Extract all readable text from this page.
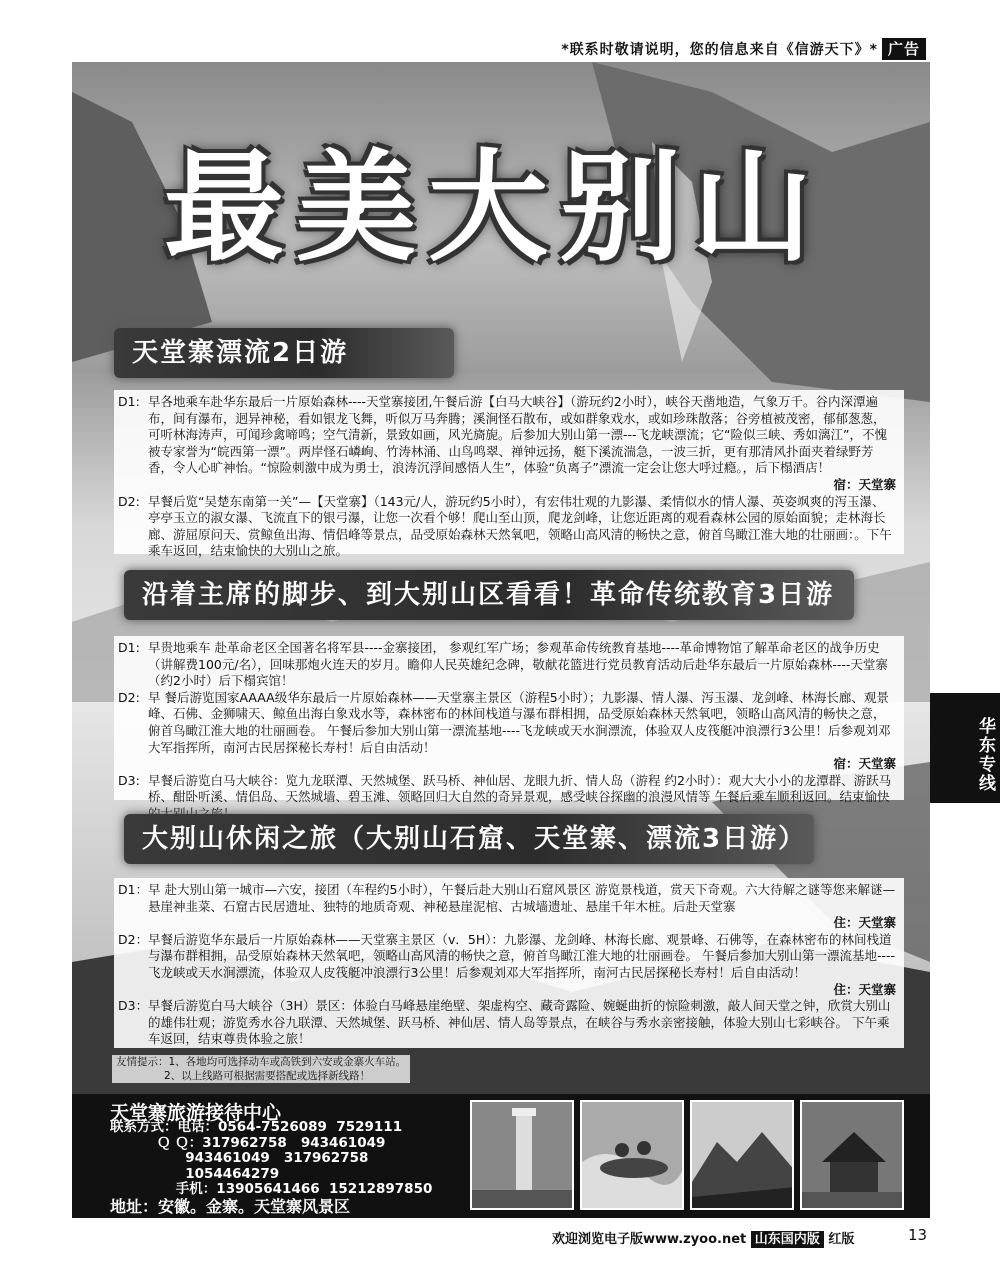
*联系时敬请说明，您的信息来自《信游天下》* 广告
最美大别山
天堂寨漂流2日游
D1: 早各地乘车赴华东最后一片原始森林----天堂寨接团,午餐后游【白马大峡谷】（游玩约2小时），峡谷天凿地造，气象万千。谷内深潭遍布，间有瀑布，迥异神秘，看如银龙飞舞，听似万马奔腾；溪涧怪石散布，或如群象戏水，或如珍珠散落；谷旁植被茂密，郁郁葱葱，可听林海涛声，可闻珍禽啼鸣；空气清新，景致如画，风光旖旎。后参加大别山第一漂---飞龙峡漂流；它“险似三峡、秀如漓江”，不愧被专家誉为“皖西第一漂”。两岸怪石嶙峋、竹涛林涌、山鸟鸣翠、禅钟远扬，艇下溪流湍急，一波三折，更有那清风扑面夹着绿野芳香，令人心旷神怡。“惊险刺激中成为勇士，浪涛沉浮间感悟人生”，体验“负离子”漂流一定会让您大呼过瘾。，后下榻酒店！
宿：天堂寨
D2: 早餐后览“吴楚东南第一关”—【天堂寨】（143元/人，游玩约5小时），有宏伟壮观的九影瀑、柔情似水的情人瀑、英姿飒爽的泻玉瀑、亭亭玉立的淑女瀑、飞流直下的银弓瀑，让您一次看个够！爬山至山顶，爬龙剑峰，让您近距离的观看森林公园的原始面貌；走林海长廊、游屈原问天、赏鲸鱼出海、情侣峰等景点，品受原始森林天然氧吧，领略山高风清的畅快之意，俯首鸟瞰江淮大地的壮丽画：。下午乘车返回，结束愉快的大别山之旅。
沿着主席的脚步、到大别山区看看！革命传统教育3日游
D1: 早贵地乘车 赴革命老区全国著名将军县----金寨接团， 参观红军广场；参观革命传统教育基地----革命博物馆了解革命老区的战争历史（讲解费100元/名），回味那炮火连天的岁月。瞻仰人民英雄纪念碑，敬献花篮进行党员教育活动后赴华东最后一片原始森林----天堂寨（约2小时）后下榻宾馆！
D2: 早 餐后游览国家AAAA级华东最后一片原始森林——天堂寨主景区（游程5小时）；九影瀑、情人瀑、泻玉瀑、龙剑峰、林海长廊、观景峰、石佛、金狮啸天、鲸鱼出海白象戏水等，森林密布的林间栈道与瀑布群相拥，品受原始森林天然氧吧，领略山高风清的畅快之意，俯首鸟瞰江淮大地的壮丽画卷。 午餐后参加大别山第一漂流基地----飞龙峡或天水涧漂流，体验双人皮筏艇冲浪漂行3公里！后参观刘邓大军指挥所，南河古民居探秘长寿村！后自由活动！
宿：天堂寨
D3: 早餐后游览白马大峡谷：览九龙联潭、天然城堡、跃马桥、神仙居、龙眼九折、情人岛（游程 约2小时）：观大大小小的龙潭群、游跃马桥、酣卧听溪、情侣岛、天然城墙、碧玉滩、领略回归大自然的奇异景观，感受峡谷探幽的浪漫风情等 午餐后乘车顺利返回。结束愉快
大别山休闲之旅（大别山石窟、天堂寨、漂流3日游）
D1： 早 赴大别山第一城市—六安，接团（车程约5小时），午餐后赴大别山石窟风景区 游览景栈道，赏天下奇观。六大待解之谜等您来解谜—悬崖神韭菜、石窟古民居遗址、独特的地质奇观、神秘悬崖泥棺、古城墙遗址、悬崖千年木桩。后赴天堂寨
住：天堂寨
D2： 早餐后游览华东最后一片原始森林——天堂寨主景区（v．5H）：九影瀑、龙剑峰、林海长廊、观景峰、石佛等，在森林密布的林间栈道与瀑布群相拥，品受原始森林天然氧吧，领略山高风清的畅快之意，俯首鸟瞰江淮大地的壮丽画卷。 午餐后参加大别山第一漂流基地----飞龙峡或天水涧漂流，体验双人皮筏艇冲浪漂行3公里！后参观刘邓大军指挥所，南河古民居探秘长寿村！后自由活动！
住：天堂寨
D3： 早餐后游览白马大峡谷（3H）景区：体验白马峰悬崖绝壁、架虚构空、藏奇露险、婉蜒曲折的惊险刺激，敲人间天堂之钟，欣赏大别山的雄伟壮观；游览秀水谷九联潭、天然城堡、跃马桥、神仙居、情人岛等景点，在峡谷与秀水亲密接触，体验大别山七彩峡谷。 下午乘车返回，结束尊贵体验之旅！
友情提示：1、各地均可选择动车或高铁到六安或金寨火车站。
2、以上线路可根据需要搭配或选择新线路！
天堂寨旅游接待中心
联系方式：电话：0564-7526089  7529111
Ｑ Ｑ：317962758   943461049
943461049   317962758
1054464279
手机：13905641466  15212897850
地址：安徽。金寨。天堂寨风景区
华东专线
欢迎浏览电子版www.zyoo.net 山东国内版 红版	13
